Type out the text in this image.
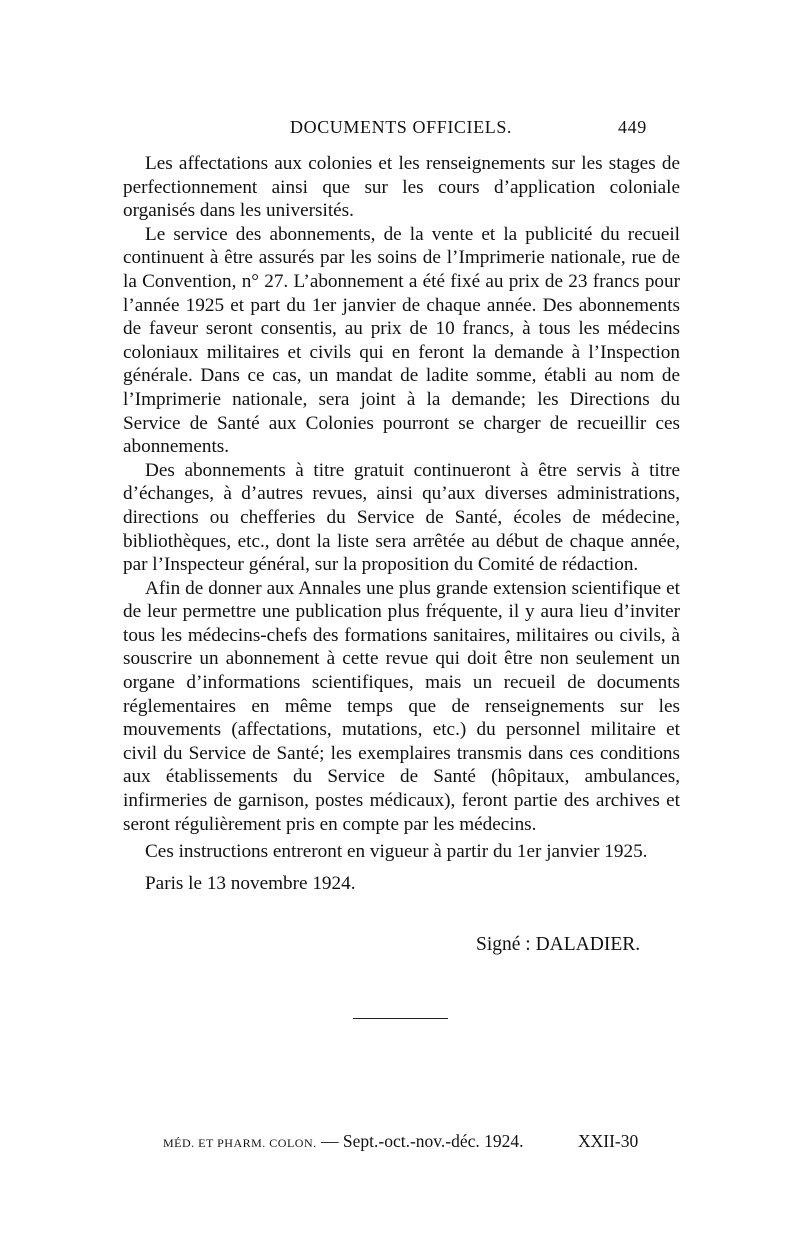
DOCUMENTS OFFICIELS.	449

Les affectations aux colonies et les renseignements sur les stages de perfectionnement ainsi que sur les cours d’application coloniale organisés dans les universités.

Le service des abonnements, de la vente et la publicité du recueil continuent à être assurés par les soins de l’Imprimerie nationale, rue de la Convention, n° 27. L’abonnement a été fixé au prix de 23 francs pour l’année 1925 et part du 1er janvier de chaque année. Des abonnements de faveur seront consentis, au prix de 10 francs, à tous les médecins coloniaux militaires et civils qui en feront la demande à l’Inspection générale. Dans ce cas, un mandat de ladite somme, établi au nom de l’Imprimerie nationale, sera joint à la demande; les Directions du Service de Santé aux Colonies pourront se charger de recueillir ces abonnements.

Des abonnements à titre gratuit continueront à être servis à titre d’échanges, à d’autres revues, ainsi qu’aux diverses administrations, directions ou chefferies du Service de Santé, écoles de médecine, bibliothèques, etc., dont la liste sera arrêtée au début de chaque année, par l’Inspecteur général, sur la proposition du Comité de rédaction.

Afin de donner aux Annales une plus grande extension scientifique et de leur permettre une publication plus fréquente, il y aura lieu d’inviter tous les médecins-chefs des formations sanitaires, militaires ou civils, à souscrire un abonnement à cette revue qui doit être non seulement un organe d’informations scientifiques, mais un recueil de documents réglementaires en même temps que de renseignements sur les mouvements (affectations, mutations, etc.) du personnel militaire et civil du Service de Santé; les exemplaires transmis dans ces conditions aux établissements du Service de Santé (hôpitaux, ambulances, infirmeries de garnison, postes médicaux), feront partie des archives et seront régulièrement pris en compte par les médecins.

Ces instructions entreront en vigueur à partir du 1er janvier 1925.

Paris le 13 novembre 1924.

Signé : DALADIER.
MÉD. ET PHARM. COLON. — Sept.-oct.-nov.-déc. 1924.	XXII-30
